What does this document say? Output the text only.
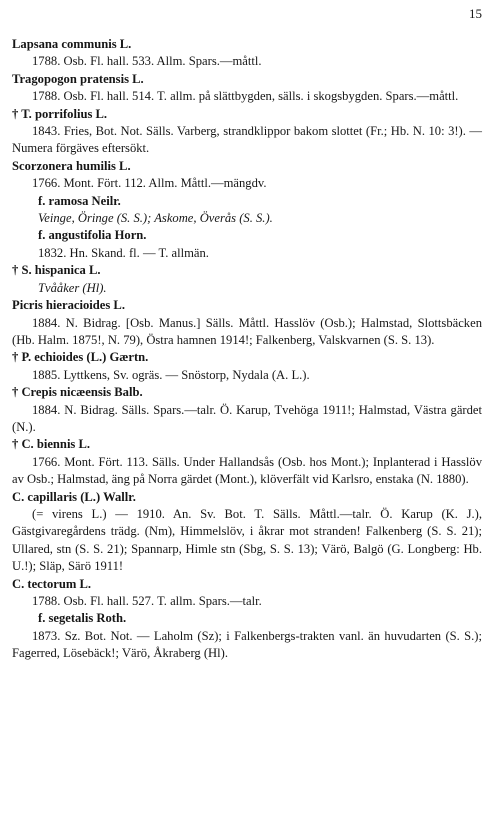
15
Lapsana communis L.
1788. Osb. Fl. hall. 533. Allm. Spars.—måttl.
Tragopogon pratensis L.
1788. Osb. Fl. hall. 514. T. allm. på slättbygden, sälls. i skogsbygden. Spars.—måttl.
† T. porrifolius L.
1843. Fries, Bot. Not. Sälls. Varberg, strandklippor bakom slottet (Fr.; Hb. N. 10: 3!). — Numera förgäves eftersökt.
Scorzonera humilis L.
1766. Mont. Fört. 112. Allm. Måttl.—mängdv.
f. ramosa Neilr.
Veinge, Öringe (S. S.); Askome, Överås (S. S.).
f. angustifolia Horn.
1832. Hn. Skand. fl. — T. allmän.
† S. hispanica L.
Tvååker (Hl).
Picris hieracioides L.
1884. N. Bidrag. [Osb. Manus.] Sälls. Måttl. Hasslöv (Osb.); Halmstad, Slottsbäcken (Hb. Halm. 1875!, N. 79), Östra hamnen 1914!; Falkenberg, Valskvarnen (S. S. 13).
† P. echioides (L.) Gærtn.
1885. Lyttkens, Sv. ogräs. — Snöstorp, Nydala (A. L.).
† Crepis nicæensis Balb.
1884. N. Bidrag. Sälls. Spars.—talr. Ö. Karup, Tvehöga 1911!; Halmstad, Västra gärdet (N.).
† C. biennis L.
1766. Mont. Fört. 113. Sälls. Under Hallandsås (Osb. hos Mont.); Inplanterad i Hasslöv av Osb.; Halmstad, äng på Norra gärdet (Mont.), klöverfält vid Karlsro, enstaka (N. 1880).
C. capillaris (L.) Wallr.
(= virens L.) — 1910. An. Sv. Bot. T. Sälls. Måttl.—talr. Ö. Karup (K. J.), Gästgivaregårdens trädg. (Nm), Himmelslöv, i åkrar mot stranden! Falkenberg (S. S. 21); Ullared, stn (S. S. 21); Spannarp, Himle stn (Sbg, S. S. 13); Värö, Balgö (G. Longberg: Hb. U.!); Släp, Särö 1911!
C. tectorum L.
1788. Osb. Fl. hall. 527. T. allm. Spars.—talr.
f. segetalis Roth.
1873. Sz. Bot. Not. — Laholm (Sz); i Falkenbergs-trakten vanl. än huvudarten (S. S.); Fagerred, Lösebäck!; Värö, Åkraberg (Hl).
